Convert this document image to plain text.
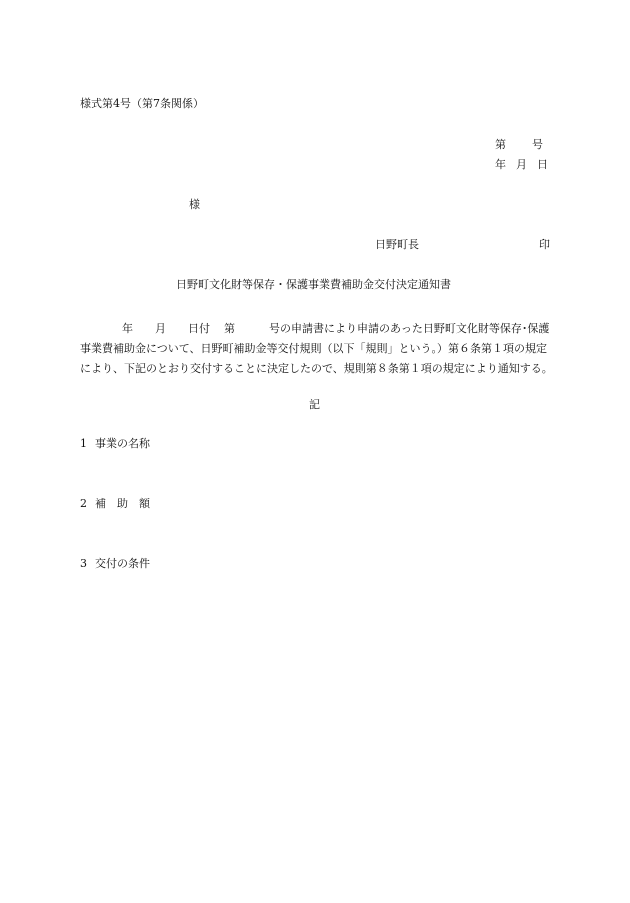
様式第4号（第7条関係）
第 号
年 月 日
様
日野町長	印
日野町文化財等保存・保護事業費補助金交付決定通知書
年 月 日付 第	号の申請書により申請のあった日野町文化財等保存･保護
事業費補助金について、日野町補助金等交付規則（以下「規則」という。）第６条第１項の規定
により、下記のとおり交付することに決定したので、規則第８条第１項の規定により通知する。
記
1 事業の名称
2 補　助　額
3 交付の条件
